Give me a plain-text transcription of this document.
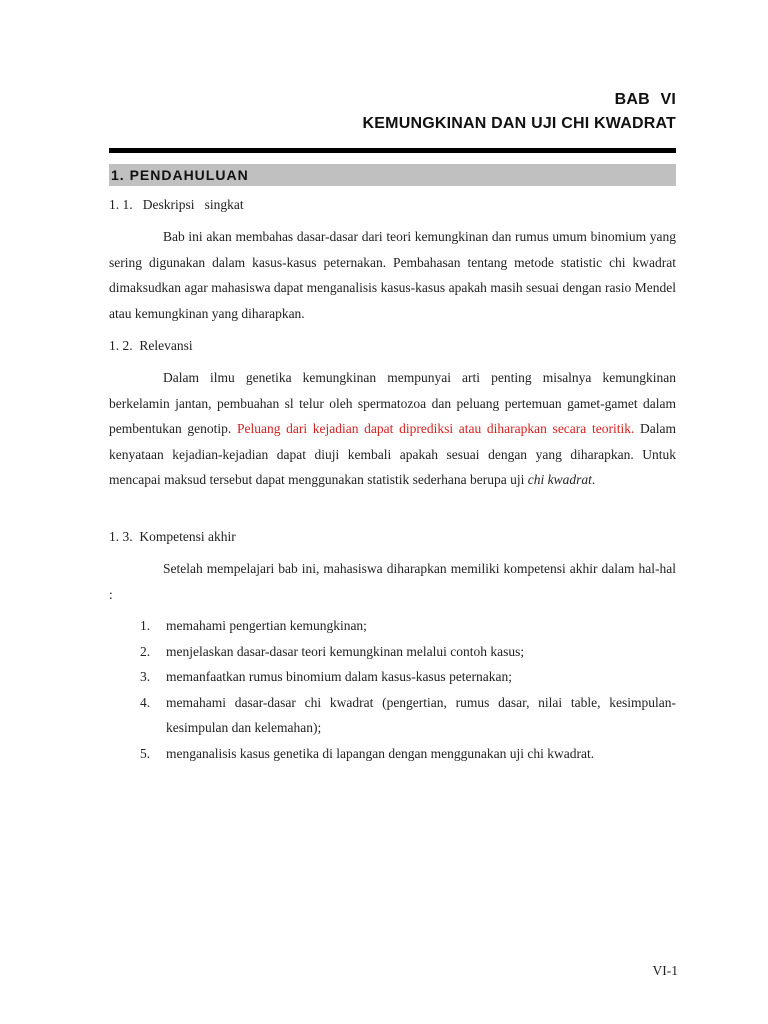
BAB VI
KEMUNGKINAN DAN UJI CHI KWADRAT
1. PENDAHULUAN
1. 1.   Deskripsi   singkat

Bab ini akan membahas dasar-dasar dari teori kemungkinan dan rumus umum binomium yang sering digunakan dalam kasus-kasus peternakan. Pembahasan tentang metode statistic chi kwadrat dimaksudkan agar mahasiswa dapat menganalisis kasus-kasus apakah masih sesuai dengan rasio Mendel atau kemungkinan yang diharapkan.

1. 2.  Relevansi

Dalam ilmu genetika kemungkinan mempunyai arti penting misalnya kemungkinan berkelamin jantan, pembuahan sl telur oleh spermatozoa dan peluang pertemuan gamet-gamet dalam pembentukan genotip. Peluang dari kejadian dapat diprediksi atau diharapkan secara teoritik. Dalam kenyataan kejadian-kejadian dapat diuji kembali apakah sesuai dengan yang diharapkan. Untuk mencapai maksud tersebut dapat menggunakan statistik sederhana berupa uji chi kwadrat.

1. 3.  Kompetensi akhir

Setelah mempelajari bab ini, mahasiswa diharapkan memiliki kompetensi akhir dalam hal-hal :

1. memahami pengertian kemungkinan;
2. menjelaskan dasar-dasar teori kemungkinan melalui contoh kasus;
3. memanfaatkan rumus binomium dalam kasus-kasus peternakan;
4. memahami dasar-dasar chi kwadrat (pengertian, rumus dasar, nilai table, kesimpulan-kesimpulan dan kelemahan);
5. menganalisis kasus genetika di lapangan dengan menggunakan uji chi kwadrat.
VI-1
